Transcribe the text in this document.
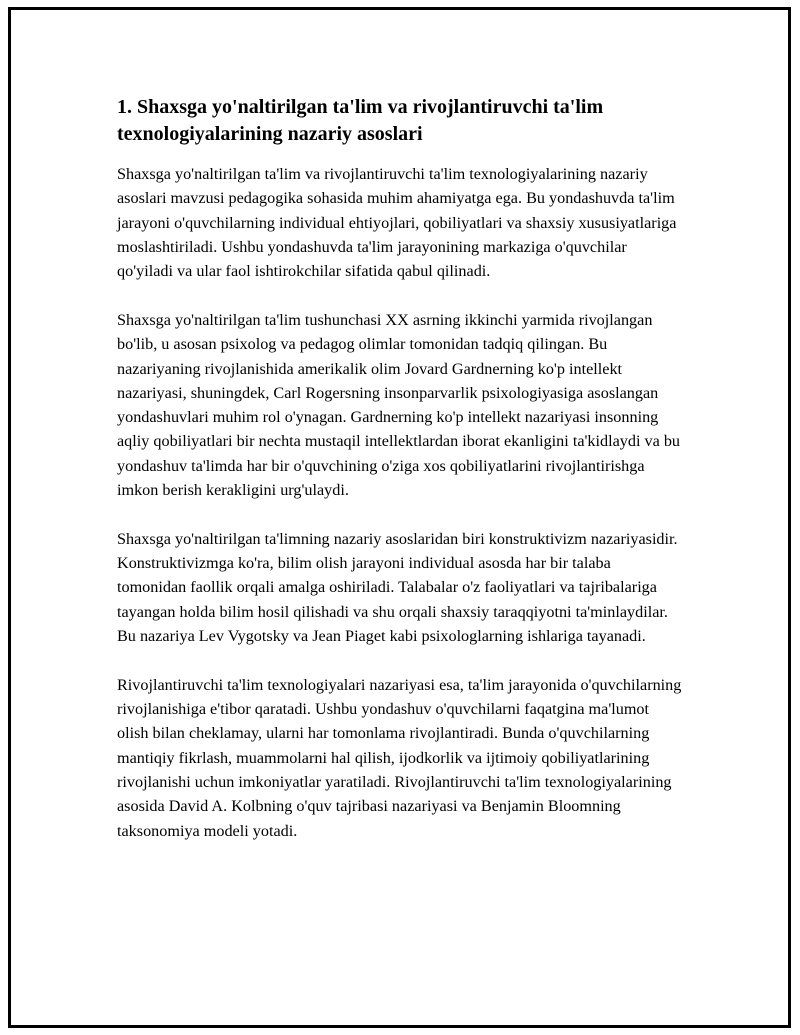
1. Shaxsga yo'naltirilgan ta'lim va rivojlantiruvchi ta'lim texnologiyalarining nazariy asoslari

Shaxsga yo'naltirilgan ta'lim va rivojlantiruvchi ta'lim texnologiyalarining nazariy asoslari mavzusi pedagogika sohasida muhim ahamiyatga ega. Bu yondashuvda ta'lim jarayoni o'quvchilarning individual ehtiyojlari, qobiliyatlari va shaxsiy xususiyatlariga moslashtiriladi. Ushbu yondashuvda ta'lim jarayonining markaziga o'quvchilar qo'yiladi va ular faol ishtirokchilar sifatida qabul qilinadi.

Shaxsga yo'naltirilgan ta'lim tushunchasi XX asrning ikkinchi yarmida rivojlangan bo'lib, u asosan psixolog va pedagog olimlar tomonidan tadqiq qilingan. Bu nazariyaning rivojlanishida amerikalik olim Jovard Gardnerning ko'p intellekt nazariyasi, shuningdek, Carl Rogersning insonparvarlik psixologiyasiga asoslangan yondashuvlari muhim rol o'ynagan. Gardnerning ko'p intellekt nazariyasi insonning aqliy qobiliyatlari bir nechta mustaqil intellektlardan iborat ekanligini ta'kidlaydi va bu yondashuv ta'limda har bir o'quvchining o'ziga xos qobiliyatlarini rivojlantirishga imkon berish kerakligini urg'ulaydi.

Shaxsga yo'naltirilgan ta'limning nazariy asoslaridan biri konstruktivizm nazariyasidir. Konstruktivizmga ko'ra, bilim olish jarayoni individual asosda har bir talaba tomonidan faollik orqali amalga oshiriladi. Talabalar o'z faoliyatlari va tajribalariga tayangan holda bilim hosil qilishadi va shu orqali shaxsiy taraqqiyotni ta'minlaydilar. Bu nazariya Lev Vygotsky va Jean Piaget kabi psixologlarning ishlariga tayanadi.

Rivojlantiruvchi ta'lim texnologiyalari nazariyasi esa, ta'lim jarayonida o'quvchilarning rivojlanishiga e'tibor qaratadi. Ushbu yondashuv o'quvchilarni faqatgina ma'lumot olish bilan cheklamay, ularni har tomonlama rivojlantiradi. Bunda o'quvchilarning mantiqiy fikrlash, muammolarni hal qilish, ijodkorlik va ijtimoiy qobiliyatlarining rivojlanishi uchun imkoniyatlar yaratiladi. Rivojlantiruvchi ta'lim texnologiyalarining asosida David A. Kolbning o'quv tajribasi nazariyasi va Benjamin Bloomning taksonomiya modeli yotadi.
